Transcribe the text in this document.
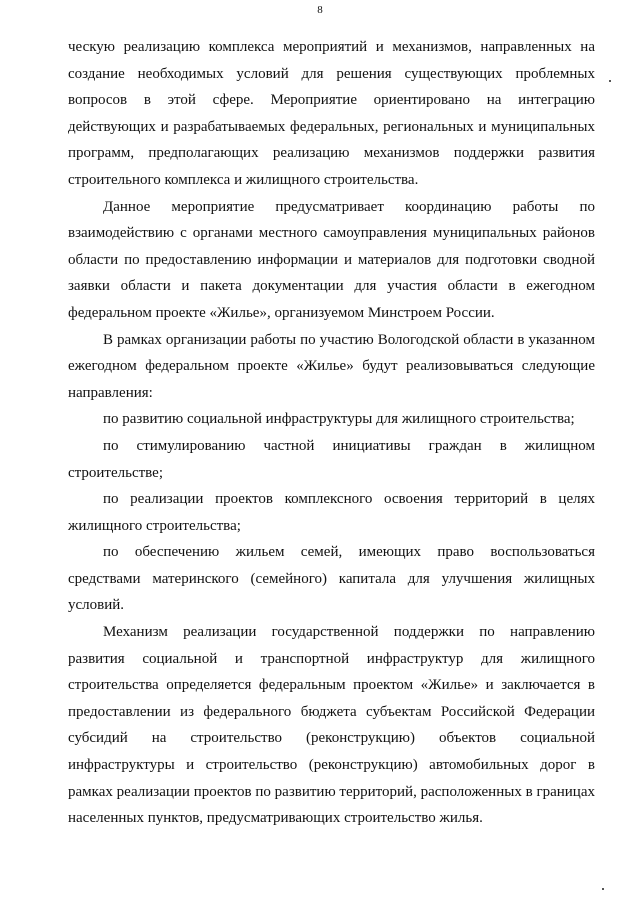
8

ческую реализацию комплекса мероприятий и механизмов, направленных на создание необходимых условий для решения существующих проблемных вопросов в этой сфере. Мероприятие ориентировано на интеграцию действующих и разрабатываемых федеральных, региональных и муниципальных программ, предполагающих реализацию механизмов поддержки развития строительного комплекса и жилищного строительства.

Данное мероприятие предусматривает координацию работы по взаимодействию с органами местного самоуправления муниципальных районов области по предоставлению информации и материалов для подготовки сводной заявки области и пакета документации для участия области в ежегодном федеральном проекте «Жилье», организуемом Минстроем России.

В рамках организации работы по участию Вологодской области в указанном ежегодном федеральном проекте «Жилье» будут реализовываться следующие направления:

по развитию социальной инфраструктуры для жилищного строительства;

по стимулированию частной инициативы граждан в жилищном строительстве;

по реализации проектов комплексного освоения территорий в целях жилищного строительства;

по обеспечению жильем семей, имеющих право воспользоваться средствами материнского (семейного) капитала для улучшения жилищных условий.

Механизм реализации государственной поддержки по направлению развития социальной и транспортной инфраструктур для жилищного строительства определяется федеральным проектом «Жилье» и заключается в предоставлении из федерального бюджета субъектам Российской Федерации субсидий на строительство (реконструкцию) объектов социальной инфраструктуры и строительство (реконструкцию) автомобильных дорог в рамках реализации проектов по развитию территорий, расположенных в границах населенных пунктов, предусматривающих строительство жилья.
